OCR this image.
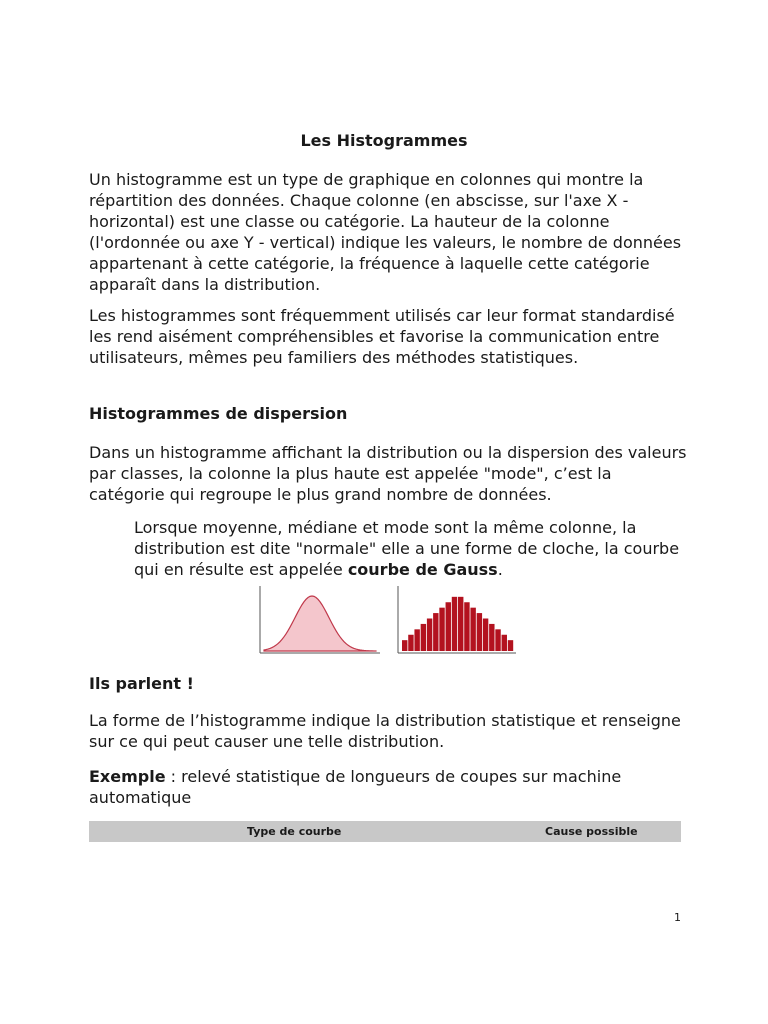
Les Histogrammes

Un histogramme est un type de graphique en colonnes qui montre la répartition des données. Chaque colonne (en abscisse, sur l'axe X - horizontal) est une classe ou catégorie. La hauteur de la colonne (l'ordonnée ou axe Y - vertical) indique les valeurs, le nombre de données appartenant à cette catégorie, la fréquence à laquelle cette catégorie apparaît dans la distribution.

Les histogrammes sont fréquemment utilisés car leur format standardisé les rend aisément compréhensibles et favorise la communication entre utilisateurs, mêmes peu familiers des méthodes statistiques.

Histogrammes de dispersion

Dans un histogramme affichant la distribution ou la dispersion des valeurs par classes, la colonne la plus haute est appelée "mode", c’est la catégorie qui regroupe le plus grand nombre de données.

Lorsque moyenne, médiane et mode sont la même colonne, la distribution est dite "normale" elle a une forme de cloche, la courbe qui en résulte est appelée courbe de Gauss.

Ils parlent !

La forme de l’histogramme indique la distribution statistique et renseigne sur ce qui peut causer une telle distribution.

Exemple : relevé statistique de longueurs de coupes sur machine automatique

Type de courbe	Cause possible
1
